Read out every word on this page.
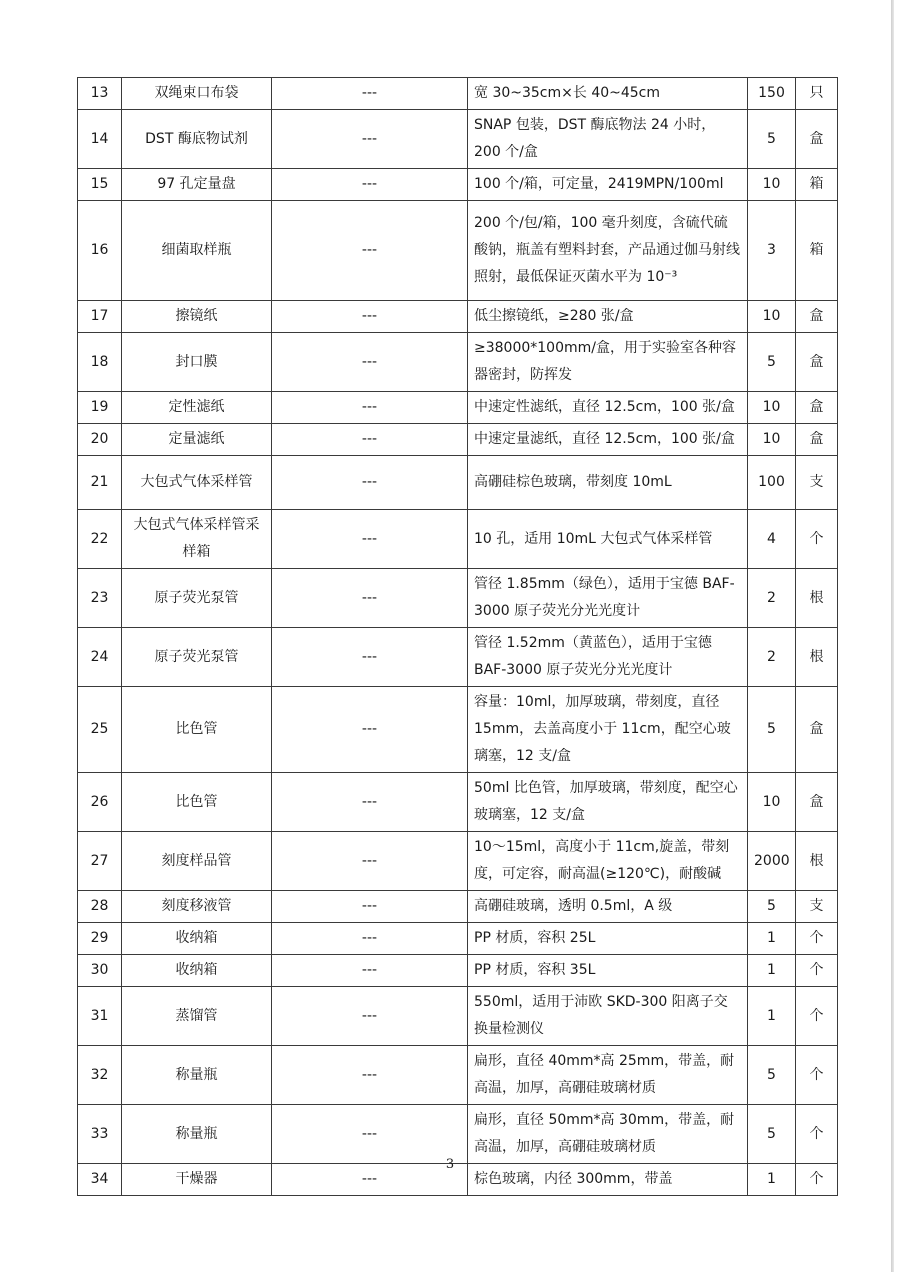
13	双绳束口布袋	---	宽 30~35cm×长 40~45cm	150	只
14	DST 酶底物试剂	---	SNAP 包装，DST 酶底物法 24 小时，200 个/盒	5	盒
15	97 孔定量盘	---	100 个/箱，可定量，2419MPN/100ml	10	箱
16	细菌取样瓶	---	200 个/包/箱，100 毫升刻度，含硫代硫酸钠，瓶盖有塑料封套，产品通过伽马射线照射，最低保证灭菌水平为 10⁻³	3	箱
17	擦镜纸	---	低尘擦镜纸，≥280 张/盒	10	盒
18	封口膜	---	≥38000*100mm/盒，用于实验室各种容器密封，防挥发	5	盒
19	定性滤纸	---	中速定性滤纸，直径 12.5cm，100 张/盒	10	盒
20	定量滤纸	---	中速定量滤纸，直径 12.5cm，100 张/盒	10	盒
21	大包式气体采样管	---	高硼硅棕色玻璃，带刻度 10mL	100	支
22	大包式气体采样管采样箱	---	10 孔，适用 10mL 大包式气体采样管	4	个
23	原子荧光泵管	---	管径 1.85mm（绿色），适用于宝德 BAF-3000 原子荧光分光光度计	2	根
24	原子荧光泵管	---	管径 1.52mm（黄蓝色），适用于宝德 BAF-3000 原子荧光分光光度计	2	根
25	比色管	---	容量：10ml，加厚玻璃，带刻度，直径 15mm，去盖高度小于 11cm，配空心玻璃塞，12 支/盒	5	盒
26	比色管	---	50ml 比色管，加厚玻璃，带刻度，配空心玻璃塞，12 支/盒	10	盒
27	刻度样品管	---	10～15ml，高度小于 11cm,旋盖，带刻度，可定容，耐高温(≥120℃)，耐酸碱	2000	根
28	刻度移液管	---	高硼硅玻璃，透明 0.5ml，A 级	5	支
29	收纳箱	---	PP 材质，容积 25L	1	个
30	收纳箱	---	PP 材质，容积 35L	1	个
31	蒸馏管	---	550ml，适用于沛欧 SKD-300 阳离子交换量检测仪	1	个
32	称量瓶	---	扁形，直径 40mm*高 25mm，带盖，耐高温，加厚，高硼硅玻璃材质	5	个
33	称量瓶	---	扁形，直径 50mm*高 30mm，带盖，耐高温，加厚，高硼硅玻璃材质	5	个
34	干燥器	---	棕色玻璃，内径 300mm，带盖	1	个
3
